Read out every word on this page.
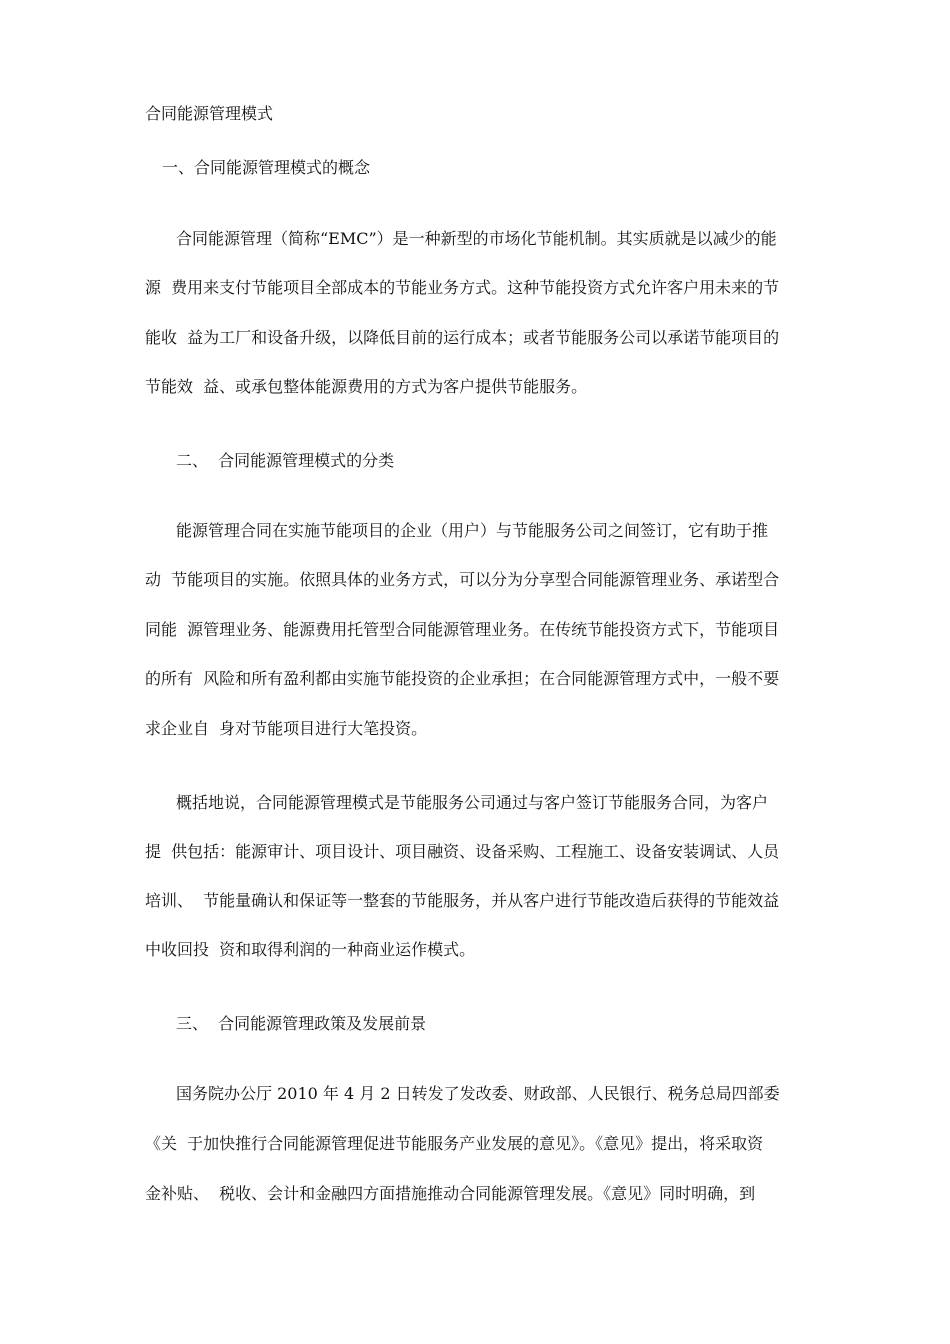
合同能源管理模式
一、合同能源管理模式的概念
合同能源管理（简称“EMC”）是一种新型的市场化节能机制。其实质就是以减少的能
源  费用来支付节能项目全部成本的节能业务方式。这种节能投资方式允许客户用未来的节
能收  益为工厂和设备升级，以降低目前的运行成本；或者节能服务公司以承诺节能项目的
节能效  益、或承包整体能源费用的方式为客户提供节能服务。
二、  合同能源管理模式的分类
能源管理合同在实施节能项目的企业（用户）与节能服务公司之间签订，它有助于推
动  节能项目的实施。依照具体的业务方式，可以分为分享型合同能源管理业务、承诺型合
同能  源管理业务、能源费用托管型合同能源管理业务。在传统节能投资方式下，节能项目
的所有  风险和所有盈利都由实施节能投资的企业承担；在合同能源管理方式中，一般不要
求企业自  身对节能项目进行大笔投资。
概括地说，合同能源管理模式是节能服务公司通过与客户签订节能服务合同，为客户
提  供包括：能源审计、项目设计、项目融资、设备采购、工程施工、设备安装调试、人员
培训、  节能量确认和保证等一整套的节能服务，并从客户进行节能改造后获得的节能效益
中收回投  资和取得利润的一种商业运作模式。
三、  合同能源管理政策及发展前景
国务院办公厅 2010 年 4 月 2 日转发了发改委、财政部、人民银行、税务总局四部委
《关  于加快推行合同能源管理促进节能服务产业发展的意见》。《意见》提出，将采取资
金补贴、  税收、会计和金融四方面措施推动合同能源管理发展。《意见》同时明确，到
